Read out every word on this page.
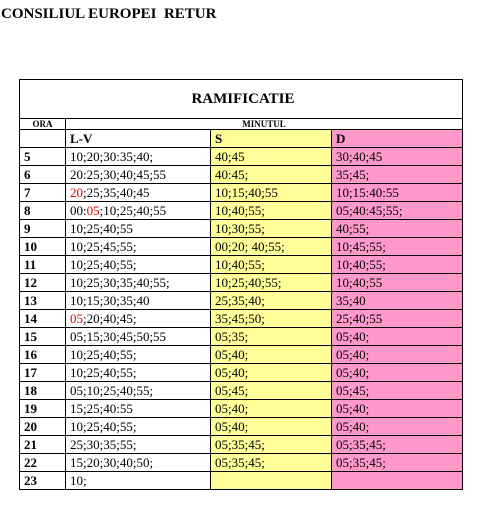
CONSILIUL EUROPEI  RETUR
RAMIFICATIE			
ORA	MINUTUL		
	L-V	S	D
5	10;20;30:35;40;	40;45	30;40;45
6	20:25;30;40;45;55	40:45;	35;45;
7	20;25;35;40;45	10;15;40;55	10;15:40:55
8	00:05;10;25;40;55	10;40;55;	05;40:45;55;
9	10;25;40;55	10;30;55;	40;55;
10	10;25;45;55;	00;20; 40;55;	10;45;55;
11	10;25;40;55;	10;40;55;	10;40;55;
12	10;25;30;35;40;55;	10;25;40;55;	10;40;55
13	10;15;30;35;40	25;35;40;	35;40
14	05;20;40;45;	35;45;50;	25;40;55
15	05;15;30;45;50;55	05;35;	05;40;
16	10;25;40;55;	05;40;	05;40;
17	10;25;40;55;	05;40;	05;40;
18	05;10;25;40;55;	05;45;	05;45;
19	15;25;40:55	05;40;	05;40;
20	10;25;40;55;	05;40;	05;40;
21	25;30;35;55;	05;35;45;	05;35;45;
22	15;20;30;40;50;	05;35;45;	05;35;45;
23	10;		
